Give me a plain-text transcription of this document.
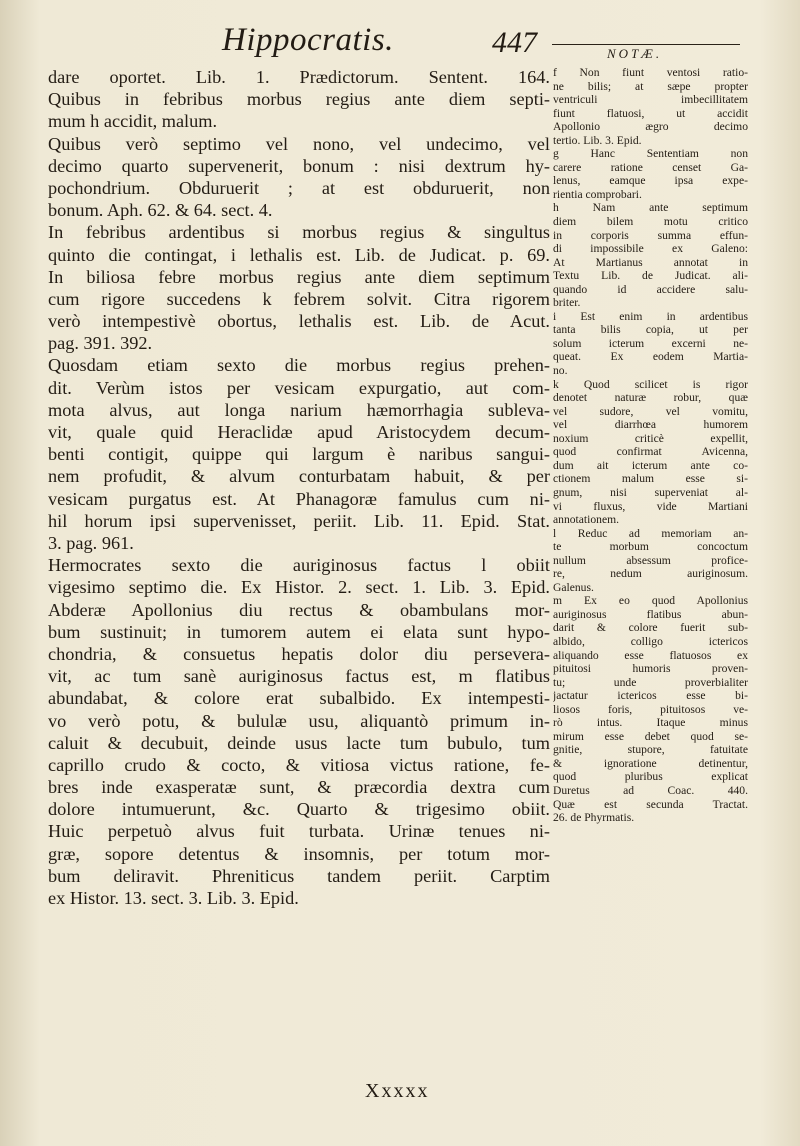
Hippocratis.	447	NOTÆ.
dare oportet. Lib. 1. Prædictorum. Sentent. 164.
Quibus in febribus morbus regius ante diem septi-
mum h accidit, malum.
Quibus verò septimo vel nono, vel undecimo, vel
decimo quarto supervenerit, bonum : nisi dextrum hy-
pochondrium. Obduruerit ; at est obduruerit, non
bonum. Aph. 62. & 64. sect. 4.
In febribus ardentibus si morbus regius & singultus
quinto die contingat, i lethalis est. Lib. de Judicat. p. 69.
In biliosa febre morbus regius ante diem septimum
cum rigore succedens k febrem solvit. Citra rigorem
verò intempestivè obortus, lethalis est. Lib. de Acut.
pag. 391. 392.
Quosdam etiam sexto die morbus regius prehen-
dit. Verùm istos per vesicam expurgatio, aut com-
mota alvus, aut longa narium hæmorrhagia subleva-
vit, quale quid Heraclidæ apud Aristocydem decum-
benti contigit, quippe qui largum è naribus sangui-
nem profudit, & alvum conturbatam habuit, & per
vesicam purgatus est. At Phanagoræ famulus cum ni-
hil horum ipsi supervenisset, periit. Lib. 11. Epid. Stat.
3. pag. 961.
Hermocrates sexto die auriginosus factus l obiit
vigesimo septimo die. Ex Histor. 2. sect. 1. Lib. 3. Epid.
Abderæ Apollonius diu rectus & obambulans mor-
bum sustinuit; in tumorem autem ei elata sunt hypo-
chondria, & consuetus hepatis dolor diu persevera-
vit, ac tum sanè auriginosus factus est, m flatibus
abundabat, & colore erat subalbido. Ex intempesti-
vo verò potu, & bululæ usu, aliquantò primum in-
caluit & decubuit, deinde usus lacte tum bubulo, tum
caprillo crudo & cocto, & vitiosa victus ratione, fe-
bres inde exasperatæ sunt, & præcordia dextra cum
dolore intumuerunt, &c. Quarto & trigesimo obiit.
Huic perpetuò alvus fuit turbata. Urinæ tenues ni-
græ, sopore detentus & insomnis, per totum mor-
bum deliravit. Phreniticus tandem periit. Carptim
ex Histor. 13. sect. 3. Lib. 3. Epid.
f Non fiunt ventosi ratio-
ne bilis; at sæpe propter
ventriculi imbecillitatem
fiunt flatuosi, ut accidit
Apollonio ægro decimo
tertio. Lib. 3. Epid.
g Hanc Sententiam non
carere ratione censet Ga-
lenus, eamque ipsa expe-
rientia comprobari.
h Nam ante septimum
diem bilem motu critico
in corporis summa effun-
di impossibile ex Galeno:
At Martianus annotat in
Textu Lib. de Judicat. ali-
quando id accidere salu-
briter.
i Est enim in ardentibus
tanta bilis copia, ut per
solum icterum excerni ne-
queat. Ex eodem Martia-
no.
k Quod scilicet is rigor
denotet naturæ robur, quæ
vel sudore, vel vomitu,
vel diarrhœa humorem
noxium criticè expellit,
quod confirmat Avicenna,
dum ait icterum ante co-
ctionem malum esse si-
gnum, nisi superveniat al-
vi fluxus, vide Martiani
annotationem.
l Reduc ad memoriam an-
te morbum concoctum
nullum absessum profice-
re, nedum auriginosum.
Galenus.
m Ex eo quod Apollonius
auriginosus flatibus abun-
darit & colore fuerit sub-
albido, colligo ictericos
aliquando esse flatuosos ex
pituitosi humoris proven-
tu; unde proverbialiter
jactatur ictericos esse bi-
liosos foris, pituitosos ve-
rò intus. Itaque minus
mirum esse debet quod se-
gnitie, stupore, fatuitate
& ignoratione detinentur,
quod pluribus explicat
Duretus ad Coac. 440.
Quæ est secunda Tractat.
26. de Phyrmatis.
Xxxxx
